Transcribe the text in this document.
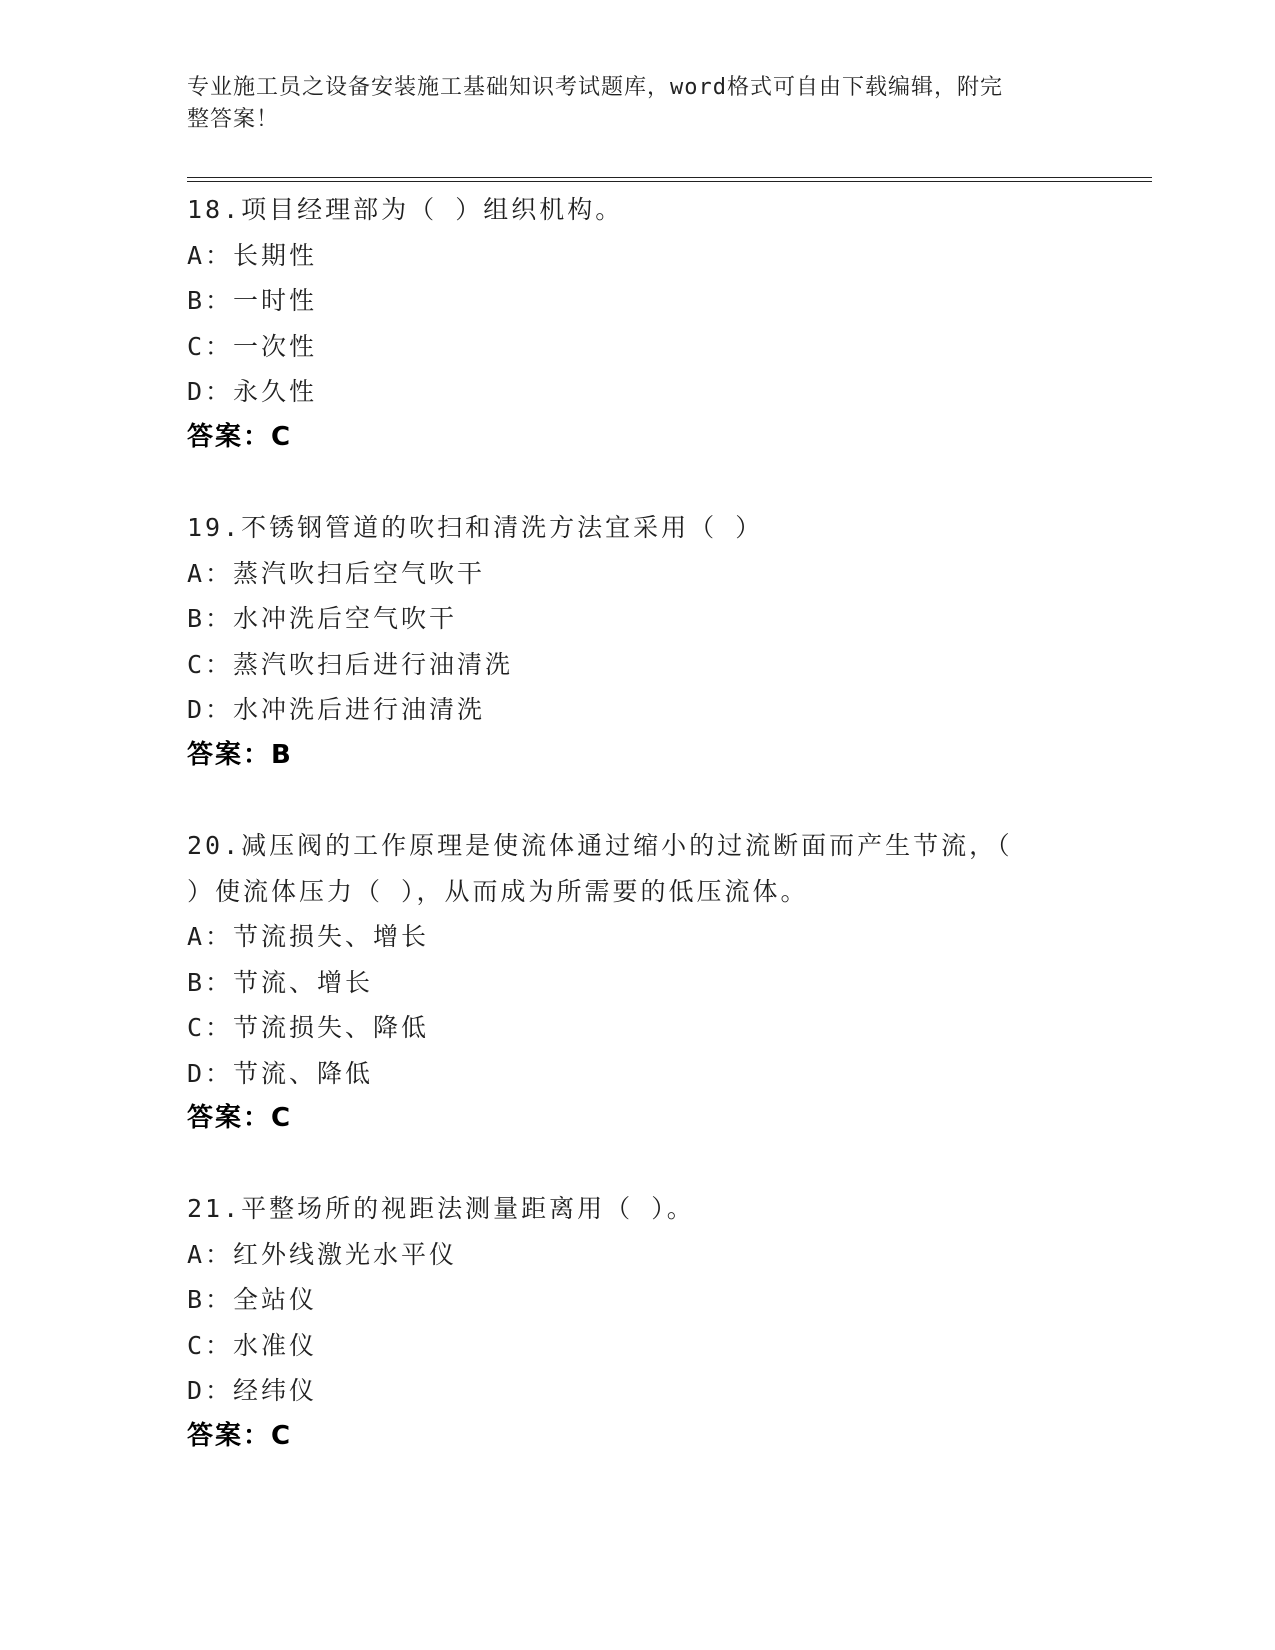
专业施工员之设备安装施工基础知识考试题库，word格式可自由下载编辑，附完
整答案！
18.项目经理部为（ ）组织机构。
A：长期性
B：一时性
C：一次性
D：永久性
答案：C
19.不锈钢管道的吹扫和清洗方法宜采用（ ）
A：蒸汽吹扫后空气吹干
B：水冲洗后空气吹干
C：蒸汽吹扫后进行油清洗
D：水冲洗后进行油清洗
答案：B
20.减压阀的工作原理是使流体通过缩小的过流断面而产生节流，（
）使流体压力（ ），从而成为所需要的低压流体。
A：节流损失、增长
B：节流、增长
C：节流损失、降低
D：节流、降低
答案：C
21.平整场所的视距法测量距离用（ ）。
A：红外线激光水平仪
B：全站仪
C：水准仪
D：经纬仪
答案：C
